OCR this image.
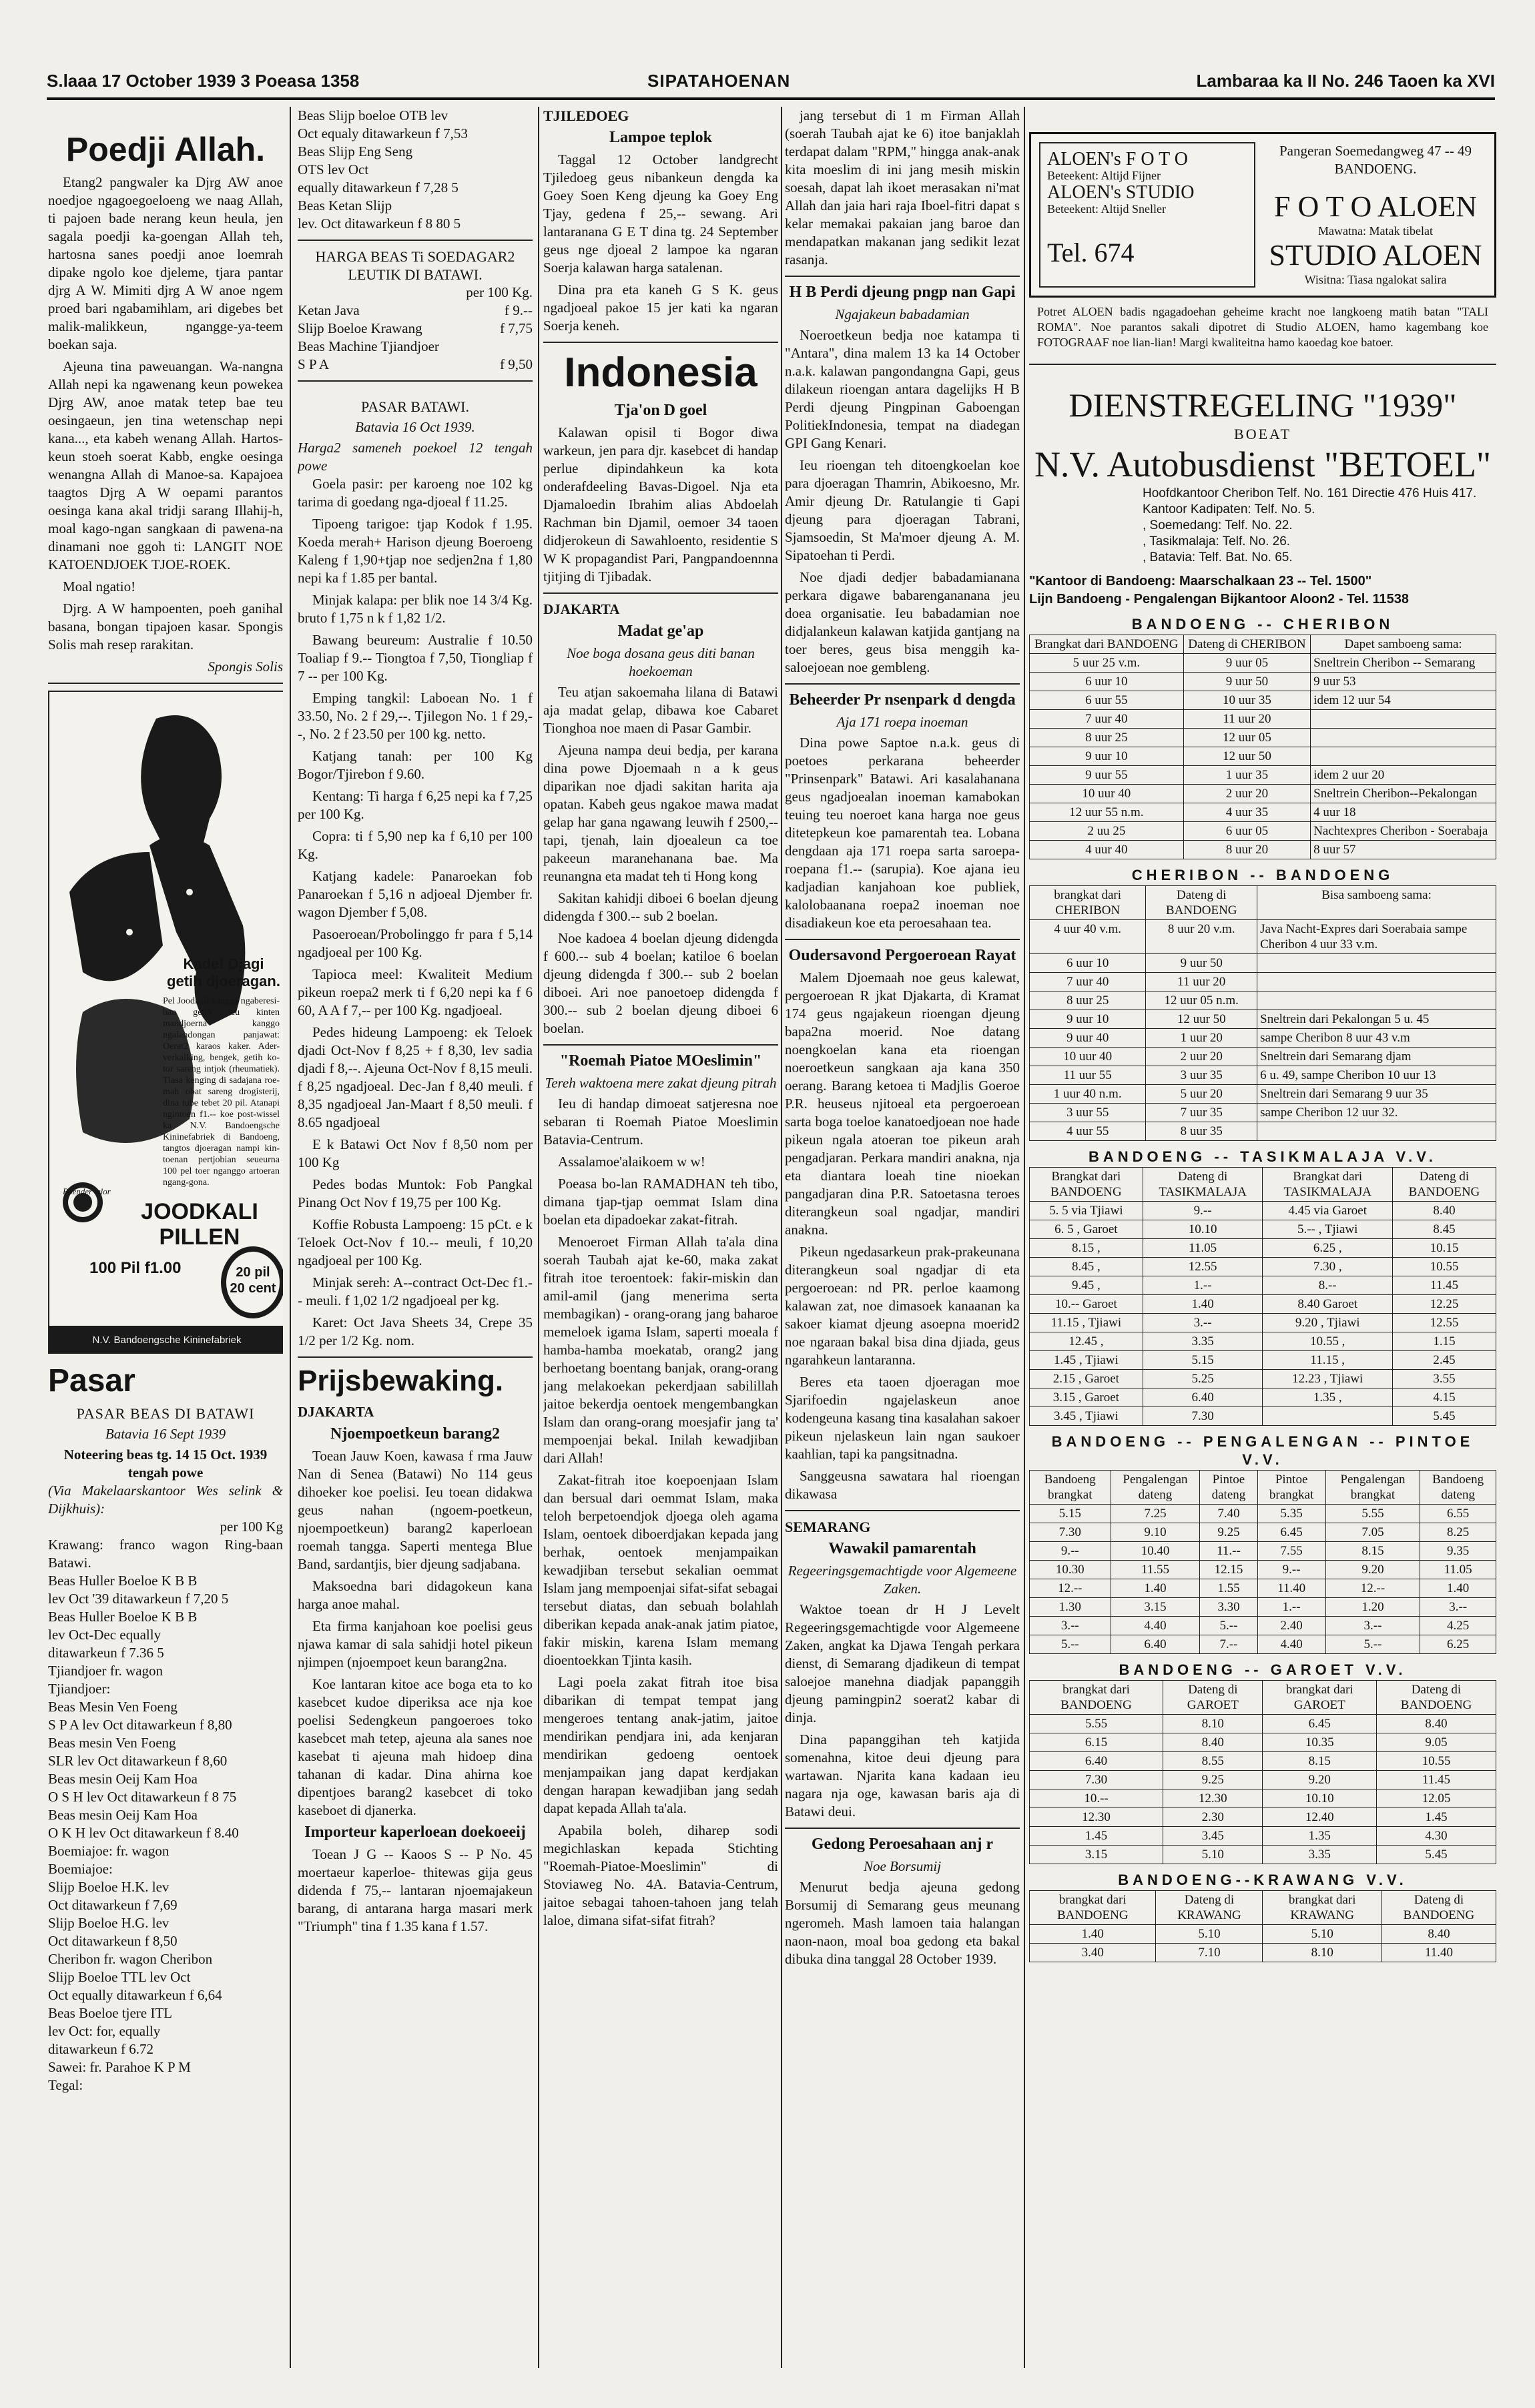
S.laaa 17 October 1939 3 Poeasa 1358	SIPATAHOENAN	Lambaraa ka II No. 246 Taoen ka XVI
Poedji Allah.

Etang2 pangwaler ka Djrg AW anoe noedjoe ngagoegoeloeng we naag Allah, ti pajoen bade nerang keun heula, jen sagala poedji ka-goengan Allah teh, hartosna sanes poedji anoe loemrah dipake ngolo koe djeleme, tjara pantar djrg A W. Mimiti djrg A W anoe ngem proed bari ngabamihlam, ari digebes bet malik-malikkeun, ngangge-ya-teem boekan saja.

Ajeuna tina paweuangan. Wa-nangna Allah nepi ka ngawenang keun powekea Djrg AW, anoe matak tetep bae teu oesingaeun, jen tina wetenschap nepi kana..., eta kabeh wenang Allah. Hartos-keun stoeh soerat Kabb, engke oesinga wenangna Allah di Manoe-sa. Kapajoea taagtos Djrg A W oepami parantos oesinga kana akal tridji sarang Illahij-h, moal kago-ngan sangkaan di pawena-na dinamani noe ggoh ti: LANGIT NOE KATOENDJOEK TJOE-ROEK.

Moal ngatio!

Djrg. A W hampoenten, poeh ganihal basana, bongan tipajoen kasar. Spongis Solis mah resep rarakitan.

Spongis Solis
Kade! Djagi getih djoeragan.
Pel Joodkali kangge ngaberesi-han getih teu kinten mandjoerna kanggo ngalandongan panjawat: Oerat2 karaos kaker. Ader-verkalking, bengek, getih ko-tor sareng intjok (rheumatiek). Tiasa kenging di sadajana roe-mah obat sareng drogisterij, dina tube tebet 20 pil. Atanapi ngintoen f1.-- koe post-wissel ka N.V. Bandoengsche Kininefabriek di Bandoeng, tangtos djoeragan nampi kin-toenan pertjobian seueurna 100 pel toer nganggo artoeran ngang-gona.
Boender telor
JOODKALI PILLEN
100 Pil f1.00	20 pil
20 cent
N.V. Bandoengsche Kininefabriek
Pasar
PASAR BEAS DI BATAWI
Batavia 16 Sept 1939
Noteering beas tg. 14 15 Oct. 1939 tengah powe
(Via Makelaarskantoor Wes selink & Dijkhuis):
per 100 Kg
Krawang: franco wagon Ring-baan Batawi.
Beas Huller Boeloe K B B
lev Oct '39 ditawarkeun f 7,20 5
Beas Huller Boeloe K B B
lev Oct-Dec equally
ditawarkeun f 7.36 5
Tjiandjoer fr. wagon
Tjiandjoer:
Beas Mesin Ven Foeng
S P A lev Oct ditawarkeun f 8,80
Beas mesin Ven Foeng
SLR lev Oct ditawarkeun f 8,60
Beas mesin Oeij Kam Hoa
O S H lev Oct ditawarkeun f 8 75
Beas mesin Oeij Kam Hoa
O K H lev Oct ditawarkeun f 8.40
Boemiajoe: fr. wagon
Boemiajoe:
Slijp Boeloe H.K. lev
Oct ditawarkeun f 7,69
Slijp Boeloe H.G. lev
Oct ditawarkeun f 8,50
Cheribon fr. wagon Cheribon
Slijp Boeloe TTL lev Oct
Oct equally ditawarkeun f 6,64
Beas Boeloe tjere ITL
lev Oct: for, equally
ditawarkeun f 6.72
Sawei: fr. Parahoe K P M
Tegal:
Beas Slijp boeloe OTB lev
Oct equaly ditawarkeun f 7,53
Beas Slijp Eng Seng
OTS lev Oct
equally ditawarkeun f 7,28 5
Beas Ketan Slijp
lev. Oct ditawarkeun f 8 80 5
HARGA BEAS Ti SOEDAGAR2 LEUTIK DI BATAWI.
per 100 Kg.
Ketan Java	f 9.--
Slijp Boeloe Krawang	f 7,75
Beas Machine Tjiandjoer
S P A	f 9,50
PASAR BATAWI.
Batavia 16 Oct 1939.
Harga2 sameneh poekoel 12 tengah powe

Goela pasir: per karoeng noe 102 kg tarima di goedang nga-djoeal f 11.25.

Tipoeng tarigoe: tjap Kodok f 1.95. Koeda merah+ Harison djeung Boeroeng Kaleng f 1,90+tjap noe sedjen2na f 1,80 nepi ka f 1.85 per bantal.

Minjak kalapa: per blik noe 14 3/4 Kg. bruto f 1,75 n k f 1,82 1/2.

Bawang beureum: Australie f 10.50 Toaliap f 9.-- Tiongtoa f 7,50, Tiongliap f 7 -- per 100 Kg.

Emping tangkil: Laboean No. 1 f 33.50, No. 2 f 29,--. Tjilegon No. 1 f 29,--, No. 2 f 23.50 per 100 kg. netto.

Katjang tanah: per 100 Kg Bogor/Tjirebon f 9.60.

Kentang: Ti harga f 6,25 nepi ka f 7,25 per 100 Kg.

Copra: ti f 5,90 nep ka f 6,10 per 100 Kg.

Katjang kadele: Panaroekan fob Panaroekan f 5,16 n adjoeal Djember fr. wagon Djember f 5,08.

Pasoeroean/Probolinggo fr para f 5,14 ngadjoeal per 100 Kg.

Tapioca meel: Kwaliteit Medium pikeun roepa2 merk ti f 6,20 nepi ka f 6 60, A A f 7,-- per 100 Kg. ngadjoeal.

Pedes hideung Lampoeng: ek Teloek djadi Oct-Nov f 8,25 + f 8,30, lev sadia djadi f 8,--. Ajeuna Oct-Nov f 8,15 meuli. f 8,25 ngadjoeal. Dec-Jan f 8,40 meuli. f 8,35 ngadjoeal Jan-Maart f 8,50 meuli. f 8.65 ngadjoeal

E k Batawi Oct Nov f 8,50 nom per 100 Kg

Pedes bodas Muntok: Fob Pangkal Pinang Oct Nov f 19,75 per 100 Kg.

Koffie Robusta Lampoeng: 15 pCt. e k Teloek Oct-Nov f 10.-- meuli, f 10,20 ngadjoeal per 100 Kg.

Minjak sereh: A--contract Oct-Dec f1.-- meuli. f 1,02 1/2 ngadjoeal per kg.

Karet: Oct Java Sheets 34, Crepe 35 1/2 per 1/2 Kg. nom.

Prijsbewaking.
DJAKARTA
Njoempoetkeun barang2

Toean Jauw Koen, kawasa f rma Jauw Nan di Senea (Batawi) No 114 geus dihoeker koe poelisi. Ieu toean didakwa geus nahan (ngoem-poetkeun, njoempoetkeun) barang2 kaperloean roemah tangga. Saperti mentega Blue Band, sardantjis, bier djeung sadjabana.

Maksoedna bari didagokeun kana harga anoe mahal.

Eta firma kanjahoan koe poelisi geus njawa kamar di sala sahidji hotel pikeun njimpen (njoempoet keun barang2na.

Koe lantaran kitoe ace boga eta to ko kasebcet kudoe diperiksa ace nja koe poelisi Sedengkeun pangoeroes toko kasebcet mah tetep, ajeuna ala sanes noe kasebat ti ajeuna mah hidoep dina tahanan di kadar. Dina ahirna koe dipentjoes barang2 kasebcet di toko kaseboet di djanerka.

Importeur kaperloean doekoeeij

Toean J G -- Kaoos S -- P No. 45 moertaeur kaperloe- thitewas gija geus didenda f 75,-- lantaran njoemajakeun barang, di antarana harga masari merk "Triumph" tina f 1.35 kana f 1.57.

TJILEDOEG
Lampoe teplok

Taggal 12 October landgrecht Tjiledoeg geus nibankeun dengda ka Goey Soen Keng djeung ka Goey Eng Tjay, gedena f 25,-- sewang. Ari lantaranana G E T dina tg. 24 September geus nge djoeal 2 lampoe ka ngaran Soerja kalawan harga satalenan.

Dina pra eta kaneh G S K. geus ngadjoeal pakoe 15 jer kati ka ngaran Soerja keneh.

Indonesia
Tja'on D goel

Kalawan opisil ti Bogor diwa warkeun, jen para djr. kasebcet di handap perlue dipindahkeun ka kota onderafdeeling Bavas-Digoel. Nja eta Djamaloedin Ibrahim alias Abdoelah Rachman bin Djamil, oemoer 34 taoen didjerokeun di Sawahloento, residentie S W K propagandist Pari, Pangpandoennna tjitjing di Tjibadak.

DJAKARTA
Madat ge'ap
Noe boga dosana geus diti banan hoekoeman

Teu atjan sakoemaha lilana di Batawi aja madat gelap, dibawa koe Cabaret Tionghoa noe maen di Pasar Gambir.

Ajeuna nampa deui bedja, per karana dina powe Djoemaah n a k geus diparikan noe djadi sakitan harita aja opatan. Kabeh geus ngakoe mawa madat gelap har gana ngawang leuwih f 2500,-- tapi, tjenah, lain djoealeun ca toe pakeeun maranehanana bae. Ma reunangna eta madat teh ti Hong kong

Sakitan kahidji diboei 6 boelan djeung didengda f 300.-- sub 2 boelan.

Noe kadoea 4 boelan djeung didengda f 600.-- sub 4 boelan; katiloe 6 boelan djeung didengda f 300.-- sub 2 boelan diboei. Ari noe panoetoep didengda f 300.-- sub 2 boelan djeung diboei 6 boelan.

"Roemah Piatoe MOeslimin"
Tereh waktoena mere zakat djeung pitrah

Ieu di handap dimoeat satjeresna noe sebaran ti Roemah Piatoe Moeslimin Batavia-Centrum.

Assalamoe'alaikoem w w!

Poeasa bo-lan RAMADHAN teh tibo, dimana tjap-tjap oemmat Islam dina boelan eta dipadoekar zakat-fitrah.

Menoeroet Firman Allah ta'ala dina soerah Taubah ajat ke-60, maka zakat fitrah itoe teroentoek: fakir-miskin dan amil-amil (jang menerima serta membagikan) - orang-orang jang baharoe memeloek igama Islam, saperti moeala f hamba-hamba moekatab, orang2 jang berhoetang boentang banjak, orang-orang jang melakoekan pekerdjaan sabilillah jaitoe bekerdja oentoek mengembangkan Islam dan orang-orang moesjafir jang ta' mempoenjai bekal. Inilah kewadjiban dari Allah!

Zakat-fitrah itoe koepoenjaan Islam dan bersual dari oemmat Islam, maka teloh berpetoendjok djoega oleh agama Islam, oentoek diboerdjakan kepada jang berhak, oentoek menjampaikan kewadjiban tersebut sekalian oemmat Islam jang mempoenjai sifat-sifat sebagai tersebut diatas, dan sebuah bolahlah diberikan kepada anak-anak jatim piatoe, fakir miskin, karena Islam memang dioentoekkan Tjinta kasih.

Lagi poela zakat fitrah itoe bisa dibarikan di tempat tempat jang mengeroes tentang anak-jatim, jaitoe mendirikan pendjara ini, ada kenjaran mendirikan gedoeng oentoek menjampaikan jang dapat kerdjakan dengan harapan kewadjiban jang sedah dapat kepada Allah ta'ala.

Apabila boleh, diharep sodi megichlaskan kepada Stichting "Roemah-Piatoe-Moeslimin" di Stoviaweg No. 4A. Batavia-Centrum, jaitoe sebagai tahoen-tahoen jang telah laloe, dimana sifat-sifat fitrah?

jang tersebut di 1 m Firman Allah (soerah Taubah ajat ke 6) itoe banjaklah terdapat dalam "RPM," hingga anak-anak kita moeslim di ini jang mesih miskin soesah, dapat lah ikoet merasakan ni'mat Allah dan jaia hari raja Iboel-fitri dapat s kelar memakai pakaian jang baroe dan mendapatkan makanan jang sedikit lezat rasanja.

H B Perdi djeung pngp nan Gapi
Ngajakeun babadamian

Noeroetkeun bedja noe katampa ti "Antara", dina malem 13 ka 14 October n.a.k. kalawan pangondangna Gapi, geus dilakeun rioengan antara dagelijks H B Perdi djeung Pingpinan Gaboengan PolitiekIndonesia, tempat na diadegan GPI Gang Kenari.

Ieu rioengan teh ditoengkoelan koe para djoeragan Thamrin, Abikoesno, Mr. Amir djeung Dr. Ratulangie ti Gapi djeung para djoeragan Tabrani, Sjamsoedin, St Ma'moer djeung A. M. Sipatoehan ti Perdi.

Noe djadi dedjer babadamianana perkara digawe babarengananana jeu doea organisatie. Ieu babadamian noe didjalankeun kalawan katjida gantjang na toer beres, geus bisa menggih ka-saloejoean noe gembleng.

Beheerder Pr nsenpark d dengda
Aja 171 roepa inoeman

Dina powe Saptoe n.a.k. geus di poetoes perkarana beheerder "Prinsenpark" Batawi. Ari kasalahanana geus ngadjoealan inoeman kamabokan teuing teu noeroet kana harga noe geus ditetepkeun koe pamarentah tea. Lobana dengdaan aja 171 roepa sarta saroepa-roepana f1.-- (sarupia). Koe ajana ieu kadjadian kanjahoan koe publiek, kalolobaanana roepa2 inoeman noe disadiakeun koe eta peroesahaan tea.

Oudersavond Pergoeroean Rayat

Malem Djoemaah noe geus kalewat, pergoeroean R jkat Djakarta, di Kramat 174 geus ngajakeun rioengan djeung bapa2na moerid. Noe datang noengkoelan kana eta rioengan noeroetkeun sangkaan aja kana 350 oerang. Barang ketoea ti Madjlis Goeroe P.R. heuseus njitoeal eta pergoeroean sarta boga toeloe kanatoedjoean noe hade pikeun ngala atoeran toe pikeun arah pengadjaran. Perkara mandiri anakna, nja eta diantara loeah tine nioekan pangadjaran dina P.R. Satoetasna teroes diterangkeun soal ngadjar, mandiri anakna.

Pikeun ngedasarkeun prak-prakeunana diterangkeun soal ngadjar di eta pergoeroean: nd PR. perloe kaamong kalawan zat, noe dimasoek kanaanan ka sakoer kiamat djeung asoepna moerid2 noe ngaraan bakal bisa dina djiada, geus ngarahkeun lantaranna.

Beres eta taoen djoeragan moe Sjarifoedin ngajelaskeun anoe kodengeuna kasang tina kasalahan sakoer pikeun njelaskeun lain ngan saukoer kaahlian, tapi ka pangsitnadna.

Sanggeusna sawatara hal rioengan dikawasa

SEMARANG
Wawakil pamarentah
Regeeringsgemachtigde voor Algemeene Zaken.

Waktoe toean dr H J Levelt Regeeringsgemachtigde voor Algemeene Zaken, angkat ka Djawa Tengah perkara dienst, di Semarang djadikeun di tempat saloejoe manehna diadjak papanggih djeung pamingpin2 soerat2 kabar di dinja.

Dina papanggihan teh katjida somenahna, kitoe deui djeung para wartawan. Njarita kana kadaan ieu nagara nja oge, kawasan baris aja di Batawi deui.

Gedong Peroesahaan anj r
Noe Borsumij

Menurut bedja ajeuna gedong Borsumij di Semarang geus meunang ngeromeh. Mash lamoen taia halangan naon-naon, moal boa gedong eta bakal dibuka dina tanggal 28 October 1939.

ALOEN's F O T O
Beteekent: Altijd Fijner
ALOEN's STUDIO
Beteekent: Altijd Sneller
Tel. 674
Pangeran Soemedangweg 47 -- 49 BANDOENG.
F O T O ALOEN
Mawatna: Matak tibelat
STUDIO ALOEN
Wisitna: Tiasa ngalokat salira
Potret ALOEN badis ngagadoehan geheime kracht noe langkoeng matih batan "TALI ROMA". Noe parantos sakali dipotret di Studio ALOEN, hamo kagembang koe FOTOGRAAF noe lian-lian! Margi kwaliteitna hamo kaoedag koe batoer.
DIENSTREGELING "1939"
BOEAT
N.V. Autobusdienst "BETOEL"
Hoofdkantoor Cheribon Telf. No. 161 Directie 476 Huis 417.
Kantoor Kadipaten: Telf. No. 5.
, Soemedang: Telf. No. 22.
, Tasikmalaja: Telf. No. 26.
, Batavia: Telf. Bat. No. 65.
"Kantoor di Bandoeng: Maarschalkaan 23 -- Tel. 1500"
Lijn Bandoeng - Pengalengan Bijkantoor Aloon2 - Tel. 11538
BANDOENG -- CHERIBON
Brangkat dari BANDOENG	Dateng di CHERIBON	Dapet samboeng sama:
5 uur 25 v.m.	9 uur 05	Sneltrein Cheribon -- Semarang
6 uur 10	9 uur 50	9 uur 53
6 uur 55	10 uur 35	idem 12 uur 54
7 uur 40	11 uur 20	
8 uur 25	12 uur 05	
9 uur 10	12 uur 50	
9 uur 55	1 uur 35	idem 2 uur 20
10 uur 40	2 uur 20	Sneltrein Cheribon--Pekalongan
12 uur 55 n.m.	4 uur 35	4 uur 18
2 uu 25	6 uur 05	Nachtexpres Cheribon - Soerabaja
4 uur 40	8 uur 20	8 uur 57
CHERIBON -- BANDOENG
brangkat dari CHERIBON	Dateng di BANDOENG	Bisa samboeng sama:
4 uur 40 v.m.	8 uur 20 v.m.	Java Nacht-Expres dari Soerabaia sampe Cheribon 4 uur 33 v.m.
6 uur 10	9 uur 50	
7 uur 40	11 uur 20	
8 uur 25	12 uur 05 n.m.	
9 uur 10	12 uur 50	Sneltrein dari Pekalongan 5 u. 45
9 uur 40	1 uur 20	sampe Cheribon 8 uur 43 v.m
10 uur 40	2 uur 20	Sneltrein dari Semarang djam
11 uur 55	3 uur 35	6 u. 49, sampe Cheribon 10 uur 13
1 uur 40 n.m.	5 uur 20	Sneltrein dari Semarang 9 uur 35
3 uur 55	7 uur 35	sampe Cheribon 12 uur 32.
4 uur 55	8 uur 35	
BANDOENG -- TASIKMALAJA V.V.
Brangkat dari BANDOENG	Dateng di TASIKMALAJA	Brangkat dari TASIKMALAJA	Dateng di BANDOENG
5. 5 via Tjiawi	9.--	4.45 via Garoet	8.40
6. 5 , Garoet	10.10	5.-- , Tjiawi	8.45
8.15 ,	11.05	6.25 ,	10.15
8.45 ,	12.55	7.30 ,	10.55
9.45 ,	1.--	8.--	11.45
10.-- Garoet	1.40	8.40 Garoet	12.25
11.15 , Tjiawi	3.--	9.20 , Tjiawi	12.55
12.45 ,	3.35	10.55 ,	1.15
1.45 , Tjiawi	5.15	11.15 ,	2.45
2.15 , Garoet	5.25	12.23 , Tjiawi	3.55
3.15 , Garoet	6.40	1.35 ,	4.15
3.45 , Tjiawi	7.30		5.45
BANDOENG -- PENGALENGAN -- PINTOE V.V.
Bandoeng brangkat	Pengalengan dateng	Pintoe dateng	Pintoe brangkat	Pengalengan brangkat	Bandoeng dateng
5.15	7.25	7.40	5.35	5.55	6.55
7.30	9.10	9.25	6.45	7.05	8.25
9.--	10.40	11.--	7.55	8.15	9.35
10.30	11.55	12.15	9.--	9.20	11.05
12.--	1.40	1.55	11.40	12.--	1.40
1.30	3.15	3.30	1.--	1.20	3.--
3.--	4.40	5.--	2.40	3.--	4.25
5.--	6.40	7.--	4.40	5.--	6.25
BANDOENG -- GAROET V.V.
brangkat dari BANDOENG	Dateng di GAROET	brangkat dari GAROET	Dateng di BANDOENG
5.55	8.10	6.45	8.40
6.15	8.40	10.35	9.05
6.40	8.55	8.15	10.55
7.30	9.25	9.20	11.45
10.--	12.30	10.10	12.05
12.30	2.30	12.40	1.45
1.45	3.45	1.35	4.30
3.15	5.10	3.35	5.45
BANDOENG--KRAWANG V.V.
brangkat dari BANDOENG	Dateng di KRAWANG	brangkat dari KRAWANG	Dateng di BANDOENG
1.40	5.10	5.10	8.40
3.40	7.10	8.10	11.40
